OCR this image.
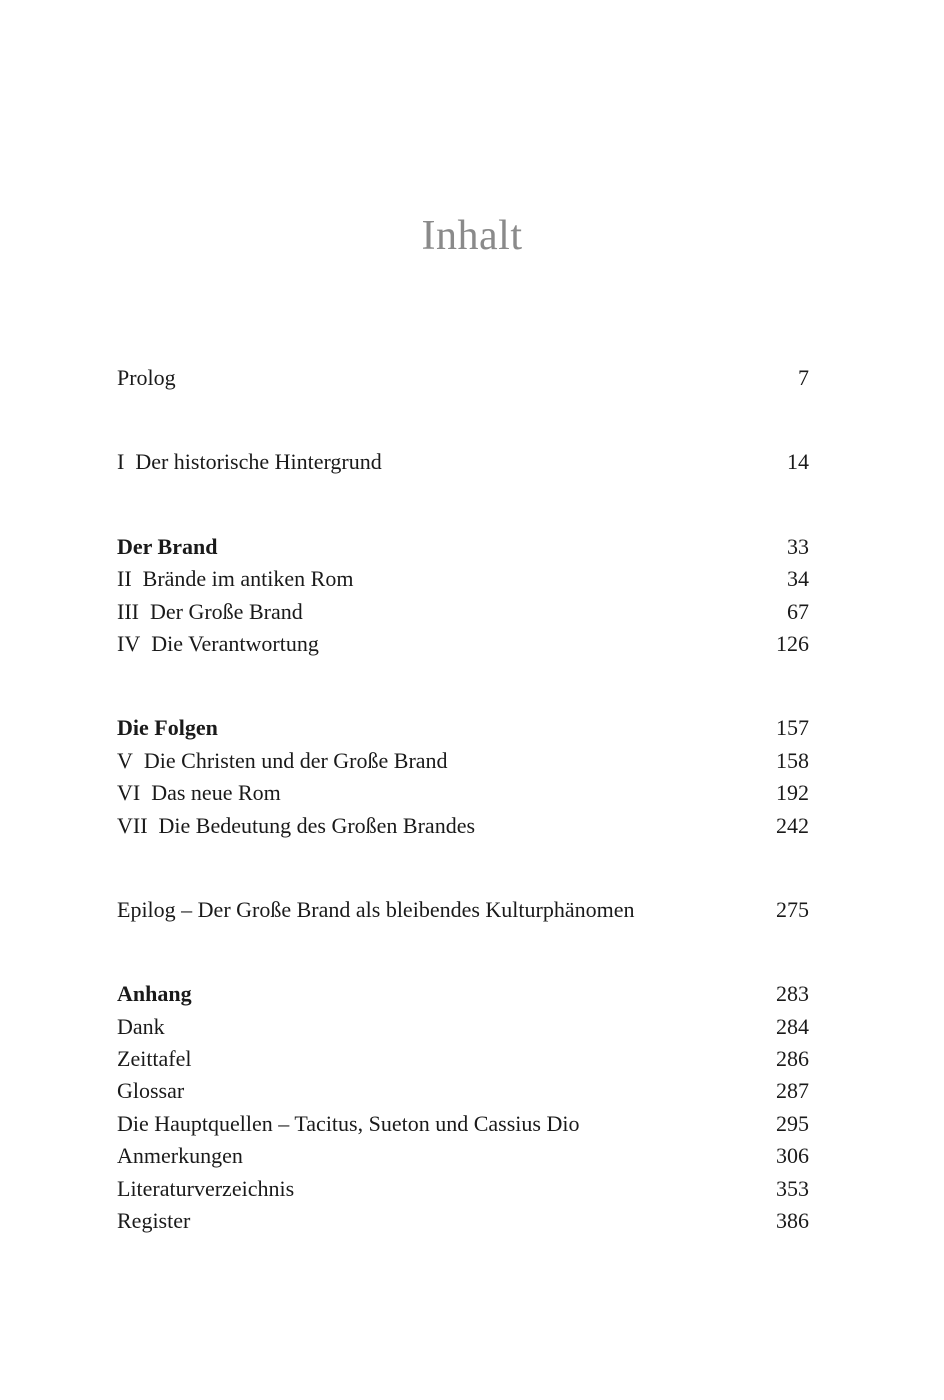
Inhalt
Prolog	7
I  Der historische Hintergrund	14
Der Brand	33
II  Brände im antiken Rom	34
III  Der Große Brand	67
IV  Die Verantwortung	126
Die Folgen	157
V  Die Christen und der Große Brand	158
VI  Das neue Rom	192
VII  Die Bedeutung des Großen Brandes	242
Epilog – Der Große Brand als bleibendes Kulturphänomen	275
Anhang	283
Dank	284
Zeittafel	286
Glossar	287
Die Hauptquellen – Tacitus, Sueton und Cassius Dio	295
Anmerkungen	306
Literaturverzeichnis	353
Register	386
